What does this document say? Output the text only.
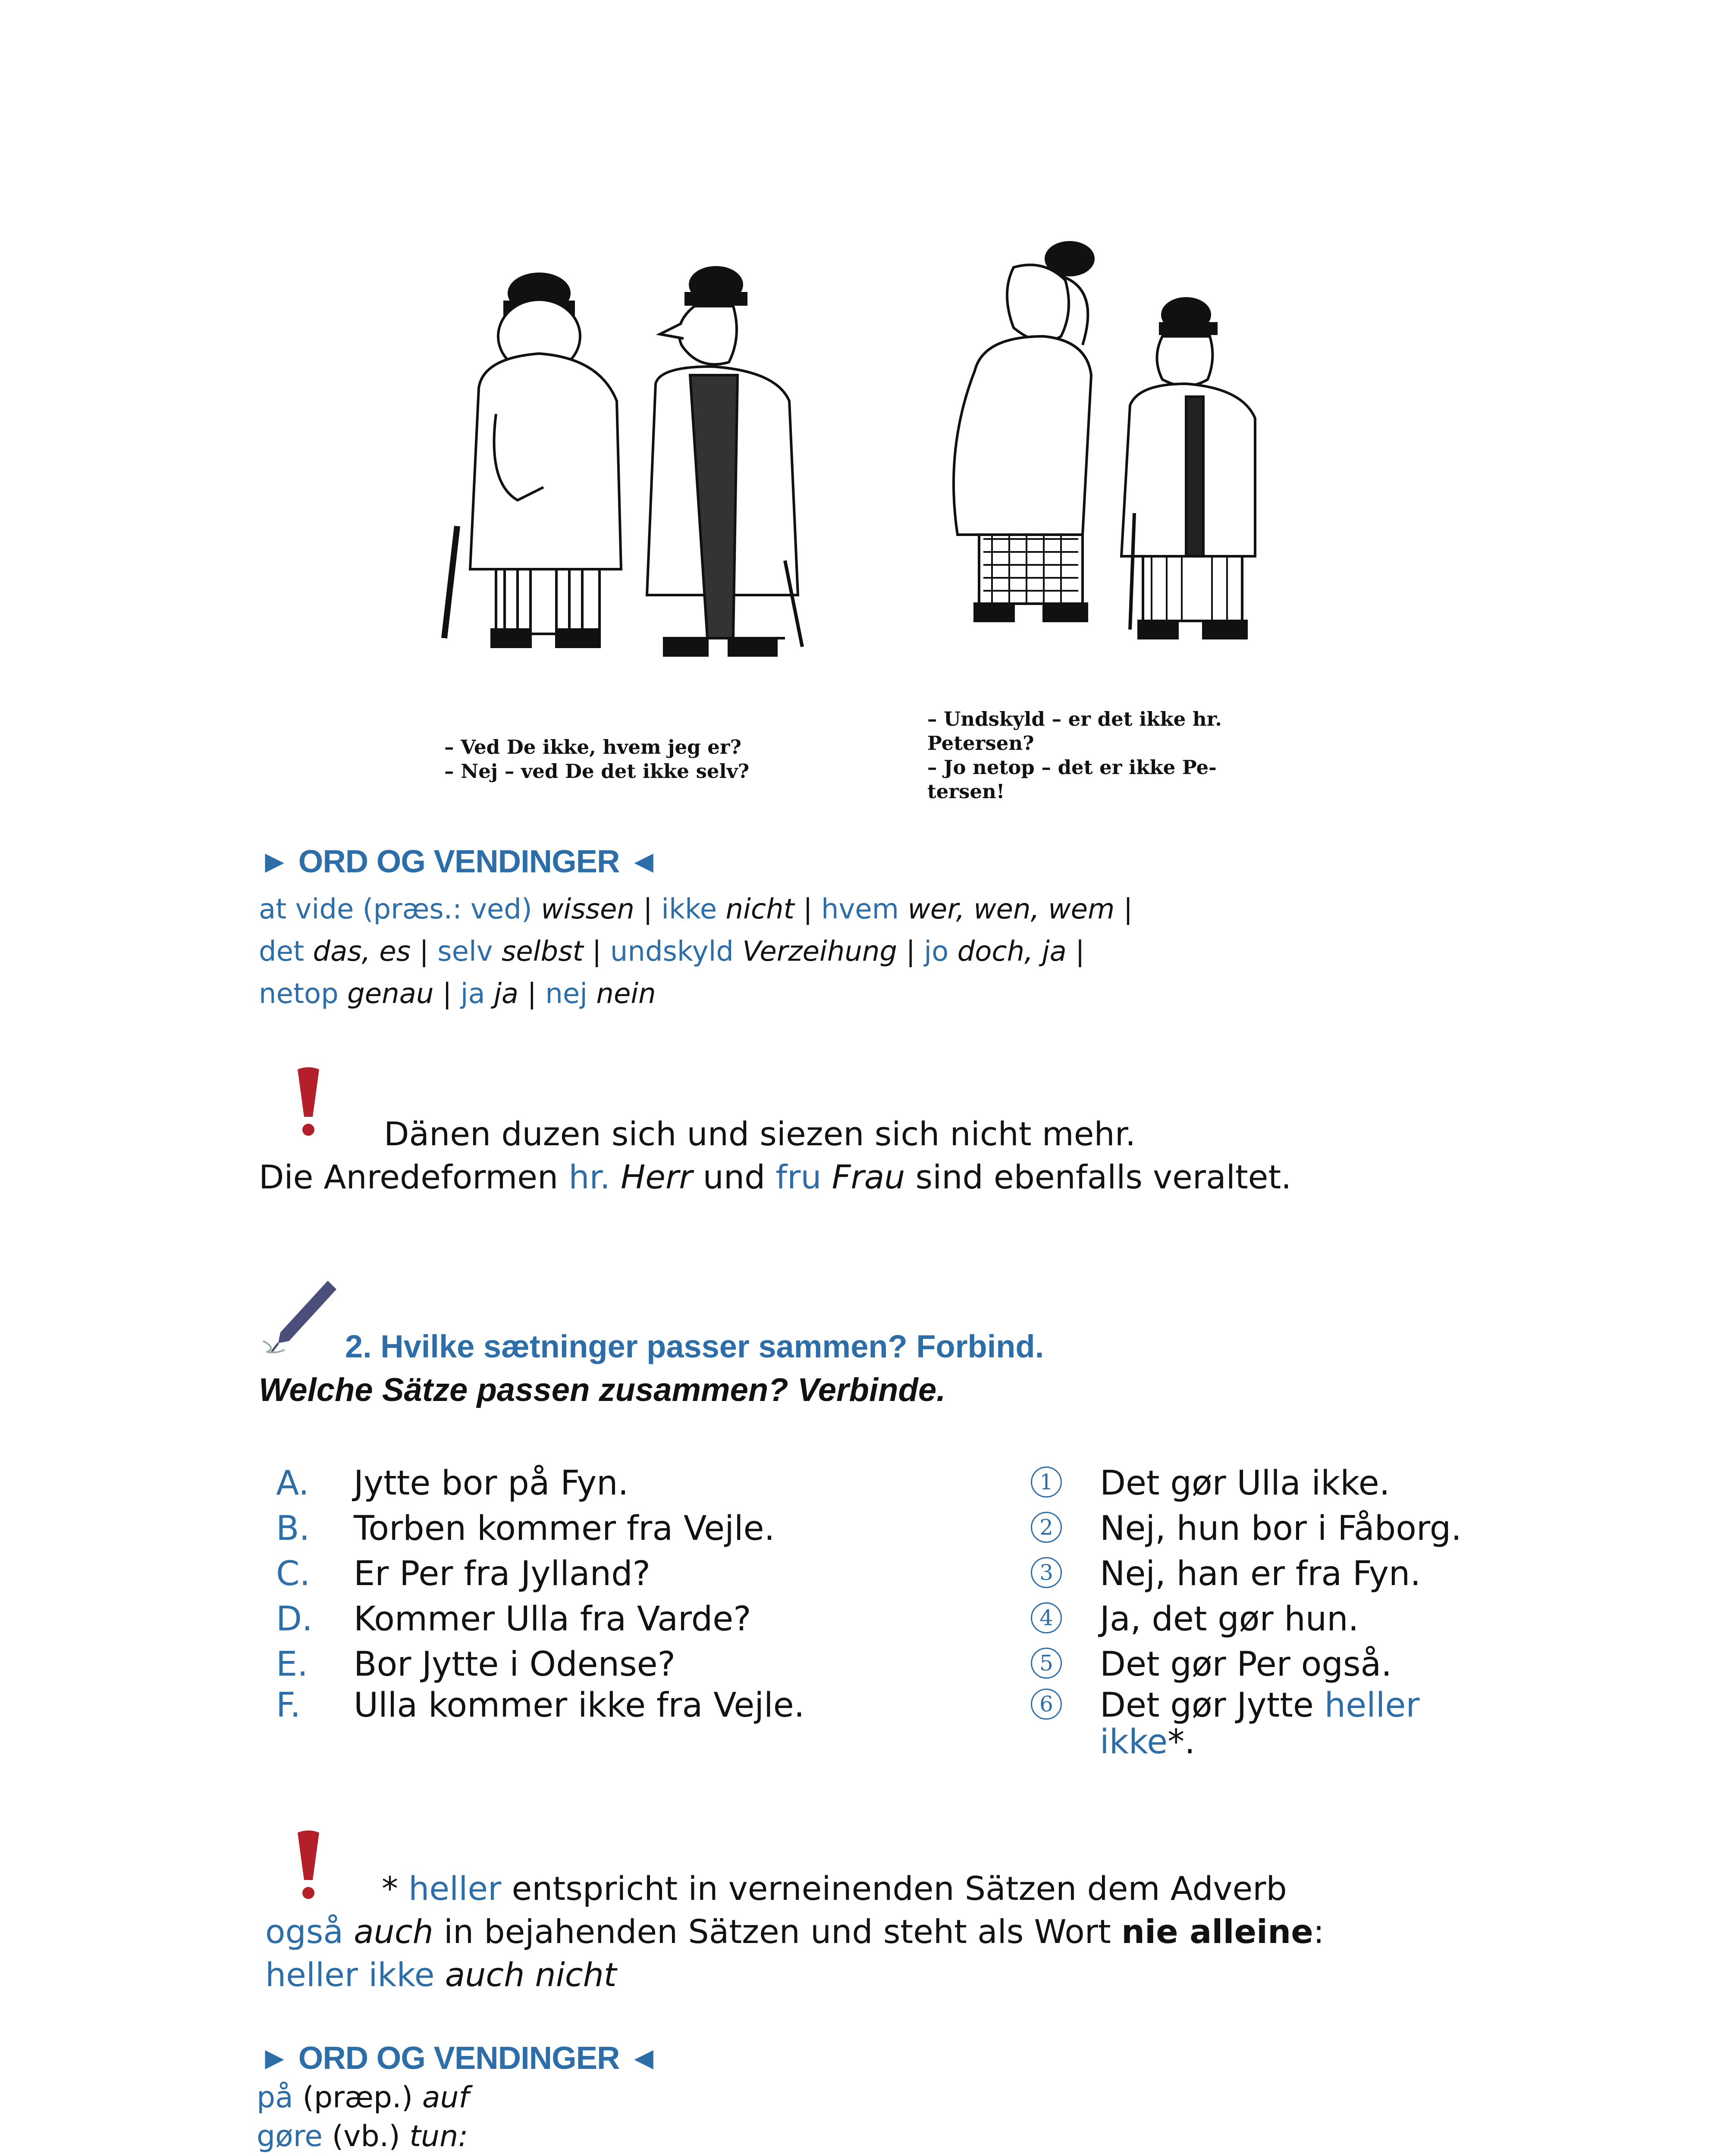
– Ved De ikke, hvem jeg er?
– Nej – ved De det ikke selv?
– Undskyld – er det ikke hr.
Petersen?
– Jo netop – det er ikke Pe-
tersen!
► ORD OG VENDINGER ◄
at vide (præs.: ved) wissen | ikke nicht | hvem wer, wen, wem |
det das, es | selv selbst | undskyld Verzeihung | jo doch, ja |
netop genau | ja ja | nej nein
Dänen duzen sich und siezen sich nicht mehr.
Die Anredeformen hr. Herr und fru Frau sind ebenfalls veraltet.
2. Hvilke sætninger passer sammen? Forbind.
Welche Sätze passen zusammen? Verbinde.
A. Jytte bor på Fyn.
B. Torben kommer fra Vejle.
C. Er Per fra Jylland?
D. Kommer Ulla fra Varde?
E. Bor Jytte i Odense?
F. Ulla kommer ikke fra Vejle.
1 Det gør Ulla ikke.
2 Nej, hun bor i Fåborg.
3 Nej, han er fra Fyn.
4 Ja, det gør hun.
5 Det gør Per også.
6 Det gør Jytte heller
ikke*.
* heller entspricht in verneinenden Sätzen dem Adverb
også auch in bejahenden Sätzen und steht als Wort nie alleine:
heller ikke auch nicht
► ORD OG VENDINGER ◄
på (præp.) auf
gøre (vb.) tun:
